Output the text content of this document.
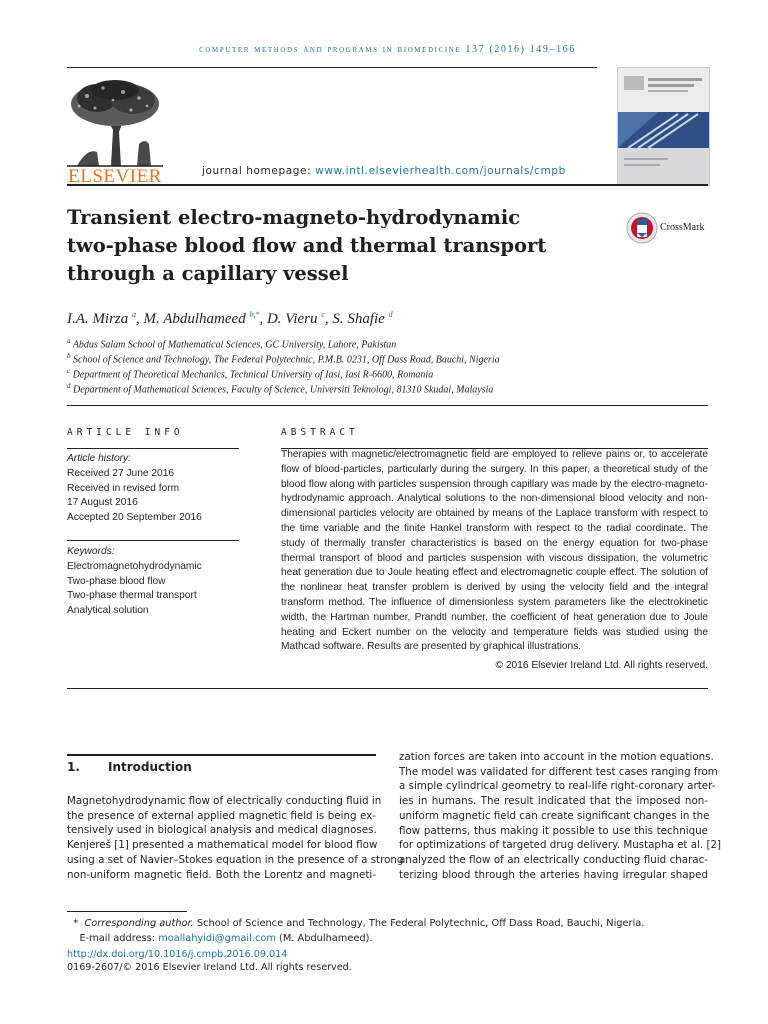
computer methods and programs in biomedicine 137 (2016) 149–166
ELSEVIER	journal homepage: www.intl.elsevierhealth.com/journals/cmpb
Transient electro-magneto-hydrodynamic
two-phase blood flow and thermal transport
through a capillary vessel
CrossMark
I.A. Mirza $^a$, M. Abdulhameed $^{b,*}$, D. Vieru $^c$, S. Shafie $^d$
$^a$ Abdus Salam School of Mathematical Sciences, GC University, Lahore, Pakistan
$^b$ School of Science and Technology, The Federal Polytechnic, P.M.B. 0231, Off Dass Road, Bauchi, Nigeria
$^c$ Department of Theoretical Mechanics, Technical University of Iasi, Iasi R-6600, Romania
$^d$ Department of Mathematical Sciences, Faculty of Science, Universiti Teknologi, 81310 Skudai, Malaysia
ARTICLE INFO
Article history:
Received 27 June 2016
Received in revised form
17 August 2016
Accepted 20 September 2016
Keywords:
Electromagnetohydrodynamic
Two-phase blood flow
Two-phase thermal transport
Analytical solution
ABSTRACT
Therapies with magnetic/electromagnetic field are employed to relieve pains or, to accelerate flow of blood-particles, particularly during the surgery. In this paper, a theoretical study of the blood flow along with particles suspension through capillary was made by the electro-magneto-hydrodynamic approach. Analytical solutions to the non-dimensional blood velocity and non-dimensional particles velocity are obtained by means of the Laplace transform with respect to the time variable and the finite Hankel transform with respect to the radial coordinate. The study of thermally transfer characteristics is based on the energy equation for two-phase thermal transport of blood and particles suspension with viscous dissipation, the volumetric heat generation due to Joule heating effect and electromagnetic couple effect. The solution of the nonlinear heat transfer problem is derived by using the velocity field and the integral transform method. The influence of dimensionless system parameters like the electrokinetic width, the Hartman number, Prandtl number, the coefficient of heat generation due to Joule heating and Eckert number on the velocity and temperature fields was studied using the Mathcad software. Results are presented by graphical illustrations.
© 2016 Elsevier Ireland Ltd. All rights reserved.
1. Introduction
Magnetohydrodynamic flow of electrically conducting fluid in
the presence of external applied magnetic field is being ex-
tensively used in biological analysis and medical diagnoses.
Kenjereš [1] presented a mathematical model for blood flow
using a set of Navier–Stokes equation in the presence of a strong
non-uniform magnetic field. Both the Lorentz and magneti-
zation forces are taken into account in the motion equations.
The model was validated for different test cases ranging from
a simple cylindrical geometry to real-life right-coronary arter-
ies in humans. The result indicated that the imposed non-
uniform magnetic field can create significant changes in the
flow patterns, thus making it possible to use this technique
for optimizations of targeted drug delivery. Mustapha et al. [2]
analyzed the flow of an electrically conducting fluid charac-
terizing blood through the arteries having irregular shaped
* Corresponding author. School of Science and Technology, The Federal Polytechnic, Off Dass Road, Bauchi, Nigeria.
E-mail address: moallahyidi@gmail.com (M. Abdulhameed).
http://dx.doi.org/10.1016/j.cmpb.2016.09.014
0169-2607/© 2016 Elsevier Ireland Ltd. All rights reserved.
